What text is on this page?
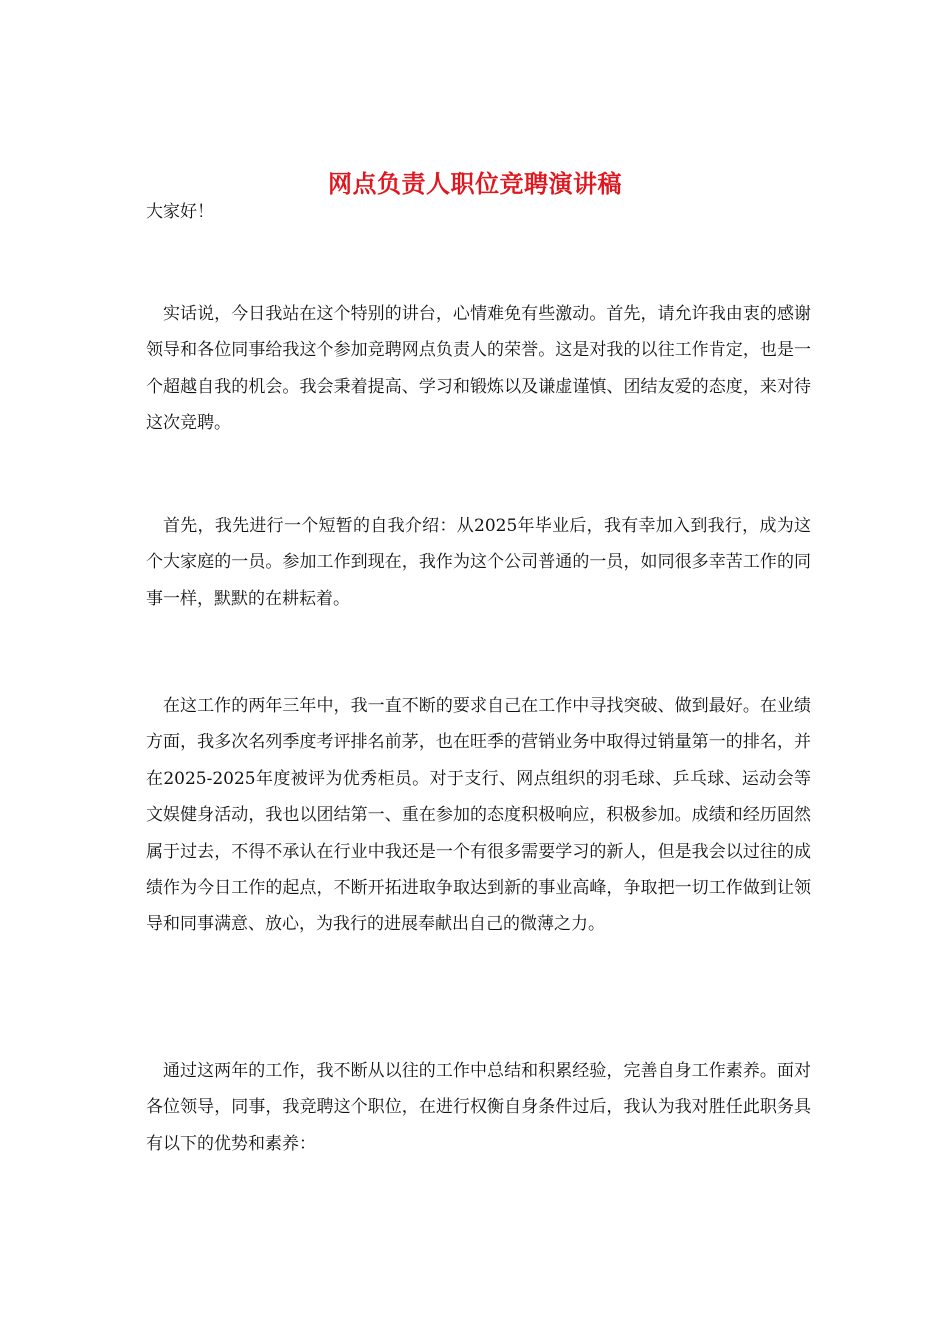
网点负责人职位竞聘演讲稿

大家好！

实话说，今日我站在这个特别的讲台，心情难免有些激动。首先，请允许我由衷的感谢领导和各位同事给我这个参加竞聘网点负责人的荣誉。这是对我的以往工作肯定，也是一个超越自我的机会。我会秉着提高、学习和锻炼以及谦虚谨慎、团结友爱的态度，来对待这次竞聘。

首先，我先进行一个短暂的自我介绍：从2025年毕业后，我有幸加入到我行，成为这个大家庭的一员。参加工作到现在，我作为这个公司普通的一员，如同很多幸苦工作的同事一样，默默的在耕耘着。

在这工作的两年三年中，我一直不断的要求自己在工作中寻找突破、做到最好。在业绩方面，我多次名列季度考评排名前茅，也在旺季的营销业务中取得过销量第一的排名，并在2025-2025年度被评为优秀柜员。对于支行、网点组织的羽毛球、乒乓球、运动会等文娱健身活动，我也以团结第一、重在参加的态度积极响应，积极参加。成绩和经历固然属于过去，不得不承认在行业中我还是一个有很多需要学习的新人，但是我会以过往的成绩作为今日工作的起点，不断开拓进取争取达到新的事业高峰，争取把一切工作做到让领导和同事满意、放心，为我行的进展奉献出自己的微薄之力。

通过这两年的工作，我不断从以往的工作中总结和积累经验，完善自身工作素养。面对各位领导，同事，我竞聘这个职位，在进行权衡自身条件过后，我认为我对胜任此职务具有以下的优势和素养：
